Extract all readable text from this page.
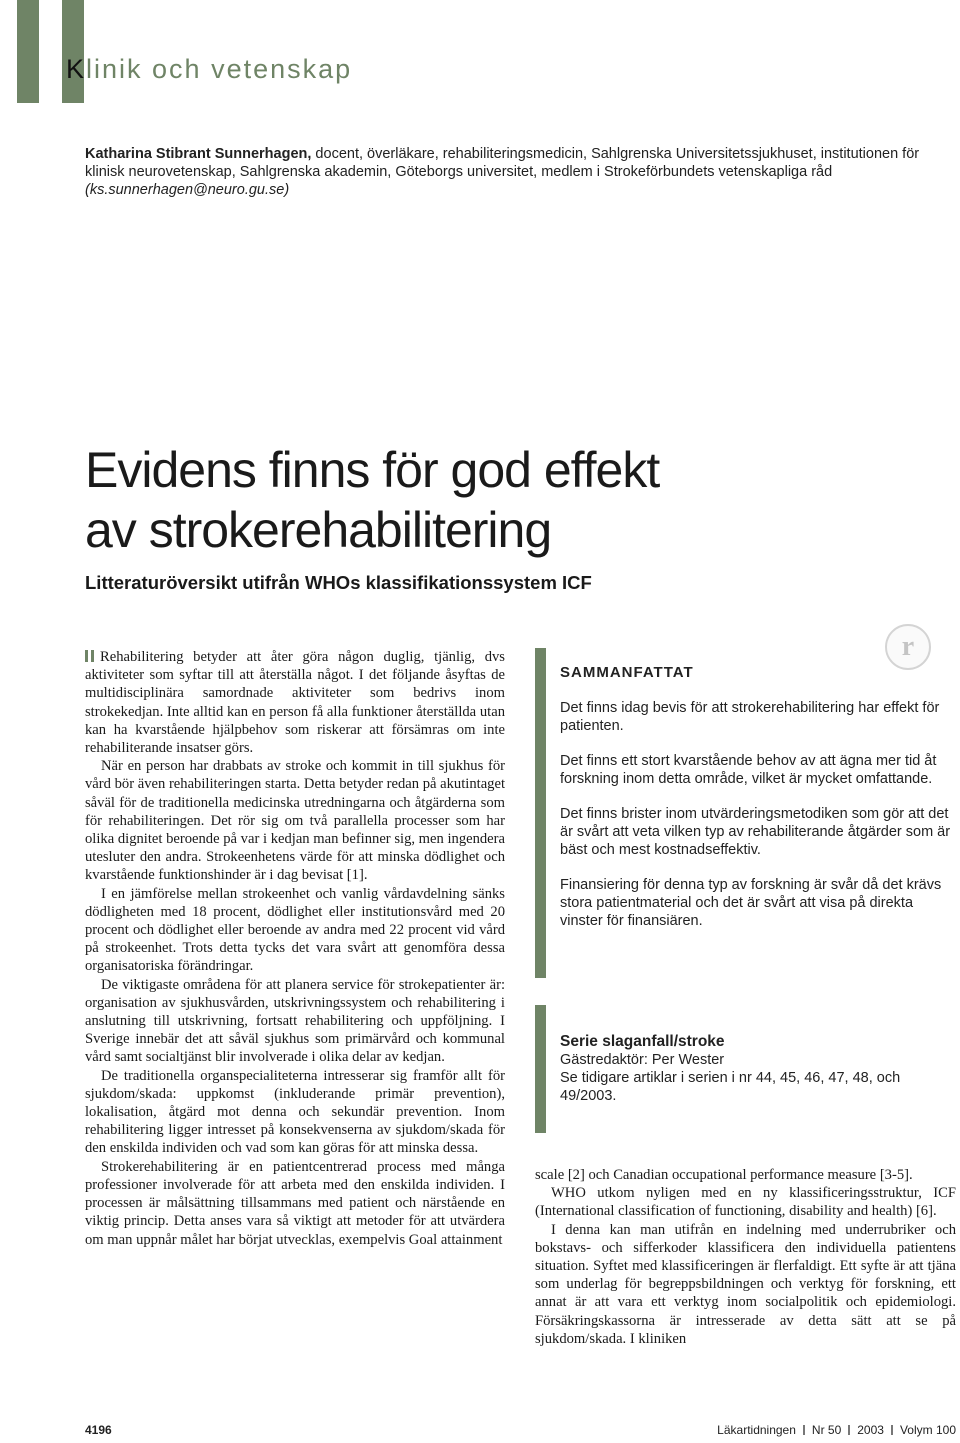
Klinik och vetenskap

Katharina Stibrant Sunnerhagen, docent, överläkare, rehabiliteringsmedicin, Sahlgrenska Universitetssjukhuset, institutionen för klinisk neurovetenskap, Sahlgrenska akademin, Göteborgs universitet, medlem i Strokeförbundets vetenskapliga råd (ks.sunnerhagen@neuro.gu.se)

Evidens finns för god effekt
av strokerehabilitering
Litteraturöversikt utifrån WHOs klassifikationssystem ICF

Rehabilitering betyder att åter göra någon duglig, tjänlig, dvs aktiviteter som syftar till att återställa något. I det följande åsyftas de multidisciplinära samordnade aktiviteter som bedrivs inom strokekedjan. Inte alltid kan en person få alla funktioner återställda utan kan ha kvarstående hjälpbehov som riskerar att försämras om inte rehabiliterande insatser görs.

När en person har drabbats av stroke och kommit in till sjukhus för vård bör även rehabiliteringen starta. Detta betyder redan på akutintaget såväl för de traditionella medicinska utredningarna och åtgärderna som för rehabiliteringen. Det rör sig om två parallella processer som har olika dignitet beroende på var i kedjan man befinner sig, men ingendera utesluter den andra. Strokeenhetens värde för att minska dödlighet och kvarstående funktionshinder är i dag bevisat [1].

I en jämförelse mellan strokeenhet och vanlig vårdavdelning sänks dödligheten med 18 procent, dödlighet eller institutionsvård med 20 procent och dödlighet eller beroende av andra med 22 procent vid vård på strokeenhet. Trots detta tycks det vara svårt att genomföra dessa organisatoriska förändringar.

De viktigaste områdena för att planera service för strokepatienter är: organisation av sjukhusvården, utskrivningssystem och rehabilitering i anslutning till utskrivning, fortsatt rehabilitering och uppföljning. I Sverige innebär det att såväl sjukhus som primärvård och kommunal vård samt socialtjänst blir involverade i olika delar av kedjan.

De traditionella organspecialiteterna intresserar sig framför allt för sjukdom/skada: uppkomst (inkluderande primär prevention), lokalisation, åtgärd mot denna och sekundär prevention. Inom rehabilitering ligger intresset på konsekvenserna av sjukdom/skada för den enskilda individen och vad som kan göras för att minska dessa.

Strokerehabilitering är en patientcentrerad process med många professioner involverade för att arbeta med den enskilda individen. I processen är målsättning tillsammans med patient och närstående en viktig princip. Detta anses vara så viktigt att metoder för att utvärdera om man uppnår målet har börjat utvecklas, exempelvis Goal attainment

SAMMANFATTAT

Det finns idag bevis för att strokerehabilitering har effekt för patienten.

Det finns ett stort kvarstående behov av att ägna mer tid åt forskning inom detta område, vilket är mycket omfattande.

Det finns brister inom utvärderingsmetodiken som gör att det är svårt att veta vilken typ av rehabiliterande åtgärder som är bäst och mest kostnadseffektiv.

Finansiering för denna typ av forskning är svår då det krävs stora patientmaterial och det är svårt att visa på direkta vinster för finansiären.

r

Serie slaganfall/stroke

Gästredaktör: Per Wester

Se tidigare artiklar i serien i nr 44, 45, 46, 47, 48, och 49/2003.

scale [2] och Canadian occupational performance measure [3-5].

WHO utkom nyligen med en ny klassificeringsstruktur, ICF (International classification of functioning, disability and health) [6].

I denna kan man utifrån en indelning med underrubriker och bokstavs- och sifferkoder klassificera den individuella patientens situation. Syftet med klassificeringen är flerfaldigt. Ett syfte är att tjäna som underlag för begreppsbildningen och verktyg för forskning, ett annat är att vara ett verktyg inom socialpolitik och epidemiologi. Försäkringskassorna är intresserade av detta sätt att se på sjukdom/skada. I kliniken

4196	Läkartidningen Nr 50 2003 Volym 100
